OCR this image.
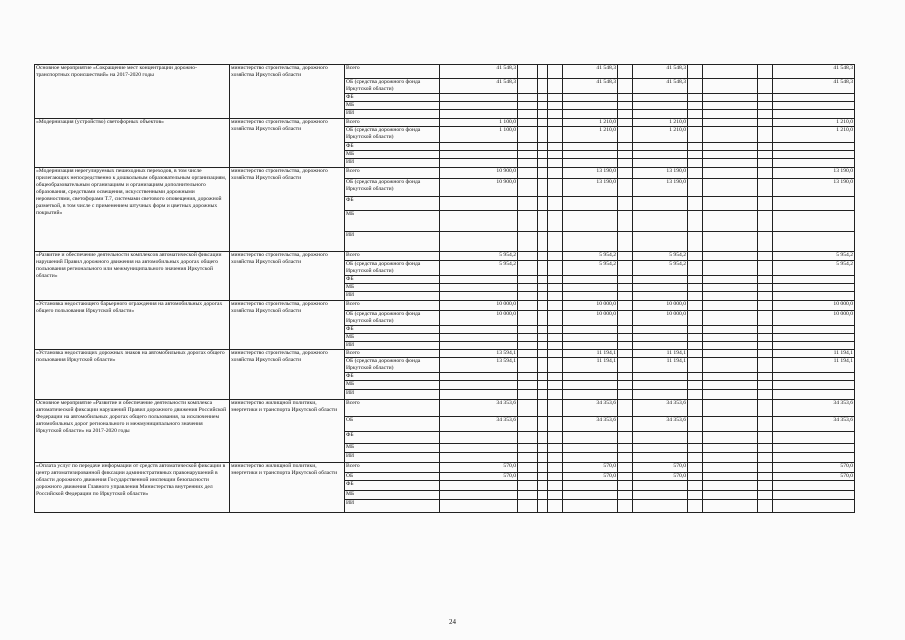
Основное мероприятие «Сокращение мест концентрации дорожно-транспортных происшествий» на 2017-2020 годы	министерство строительства, дорожного хозяйства Иркутской области	Всего	41 548,3					41 548,3		41 548,3				41 548,3
		ОБ (средства дорожного фонда Иркутской области)	41 548,3					41 548,3		41 548,3				41 548,3
		ФБ												
		МБ												
		ИИ												
«Модернизация (устройство) светофорных объектов»	министерство строительства, дорожного хозяйства Иркутской области	Всего	1 100,0					1 210,0		1 210,0				1 210,0
		ОБ (средства дорожного фонда Иркутской области)	1 100,0					1 210,0		1 210,0				1 210,0
		ФБ												
		МБ												
		ИИ												
«Модернизация нерегулируемых пешеходных переходов, в том числе прилегающих непосредственно к дошкольным образовательным организациям, общеобразовательным организациям и организациям дополнительного образования, средствами освещения, искусственными дорожными неровностями, светофорами Т.7, системами светового оповещения, дорожной разметкой, в том числе с применением штучных форм и цветных дорожных покрытий»	министерство строительства, дорожного хозяйства Иркутской области	Всего	10 900,0					13 190,0		13 190,0				13 190,0
		ОБ (средства дорожного фонда Иркутской области)	10 900,0					13 190,0		13 190,0				13 190,0
		ФБ												
		МБ												
		ИИ												
«Развитие и обеспечение деятельности комплексов автоматической фиксации нарушений Правил дорожного движения на автомобильных дорогах общего пользования регионального или межмуниципального значения Иркутской области»	министерство строительства, дорожного хозяйства Иркутской области	Всего	5 954,2					5 954,2		5 954,2				5 954,2
		ОБ (средства дорожного фонда Иркутской области)	5 954,2					5 954,2		5 954,2				5 954,2
		ФБ												
		МБ												
		ИИ												
«Установка недостающего барьерного ограждения на автомобильных дорогах общего пользования Иркутской области»	министерство строительства, дорожного хозяйства Иркутской области	Всего	10 000,0					10 000,0		10 000,0				10 000,0
		ОБ (средства дорожного фонда Иркутской области)	10 000,0					10 000,0		10 000,0				10 000,0
		ФБ												
		МБ												
		ИИ												
«Установка недостающих дорожных знаков на автомобильных дорогах общего пользования Иркутской области»	министерство строительства, дорожного хозяйства Иркутской области	Всего	13 594,1					11 194,1		11 194,1				11 194,1
		ОБ (средства дорожного фонда Иркутской области)	13 594,1					11 194,1		11 194,1				11 194,1
		ФБ												
		МБ												
		ИИ												
Основное мероприятие «Развитие и обеспечение деятельности комплекса автоматической фиксации нарушений Правил дорожного движения Российской Федерации на автомобильных дорогах общего пользования, за исключением автомобильных дорог регионального и межмуниципального значения Иркутской области» на 2017-2020 годы	министерство жилищной политики, энергетики и транспорта Иркутской области	Всего	34 353,6					34 353,6		34 353,6				34 353,6
		ОБ	34 353,6					34 353,6		34 353,6				34 353,6
		ФБ												
		МБ												
		ИИ												
«Оплата услуг по передаче информации от средств автоматической фиксации в центр автоматизированной фиксации административных правонарушений в области дорожного движения Государственной инспекции безопасности дорожного движения Главного управления Министерства внутренних дел Российской Федерации по Иркутской области»	министерство жилищной политики, энергетики и транспорта Иркутской области	Всего	570,0					570,0		570,0				570,0
		ОБ	570,0					570,0		570,0				570,0
		ФБ												
		МБ												
		ИИ												
24
